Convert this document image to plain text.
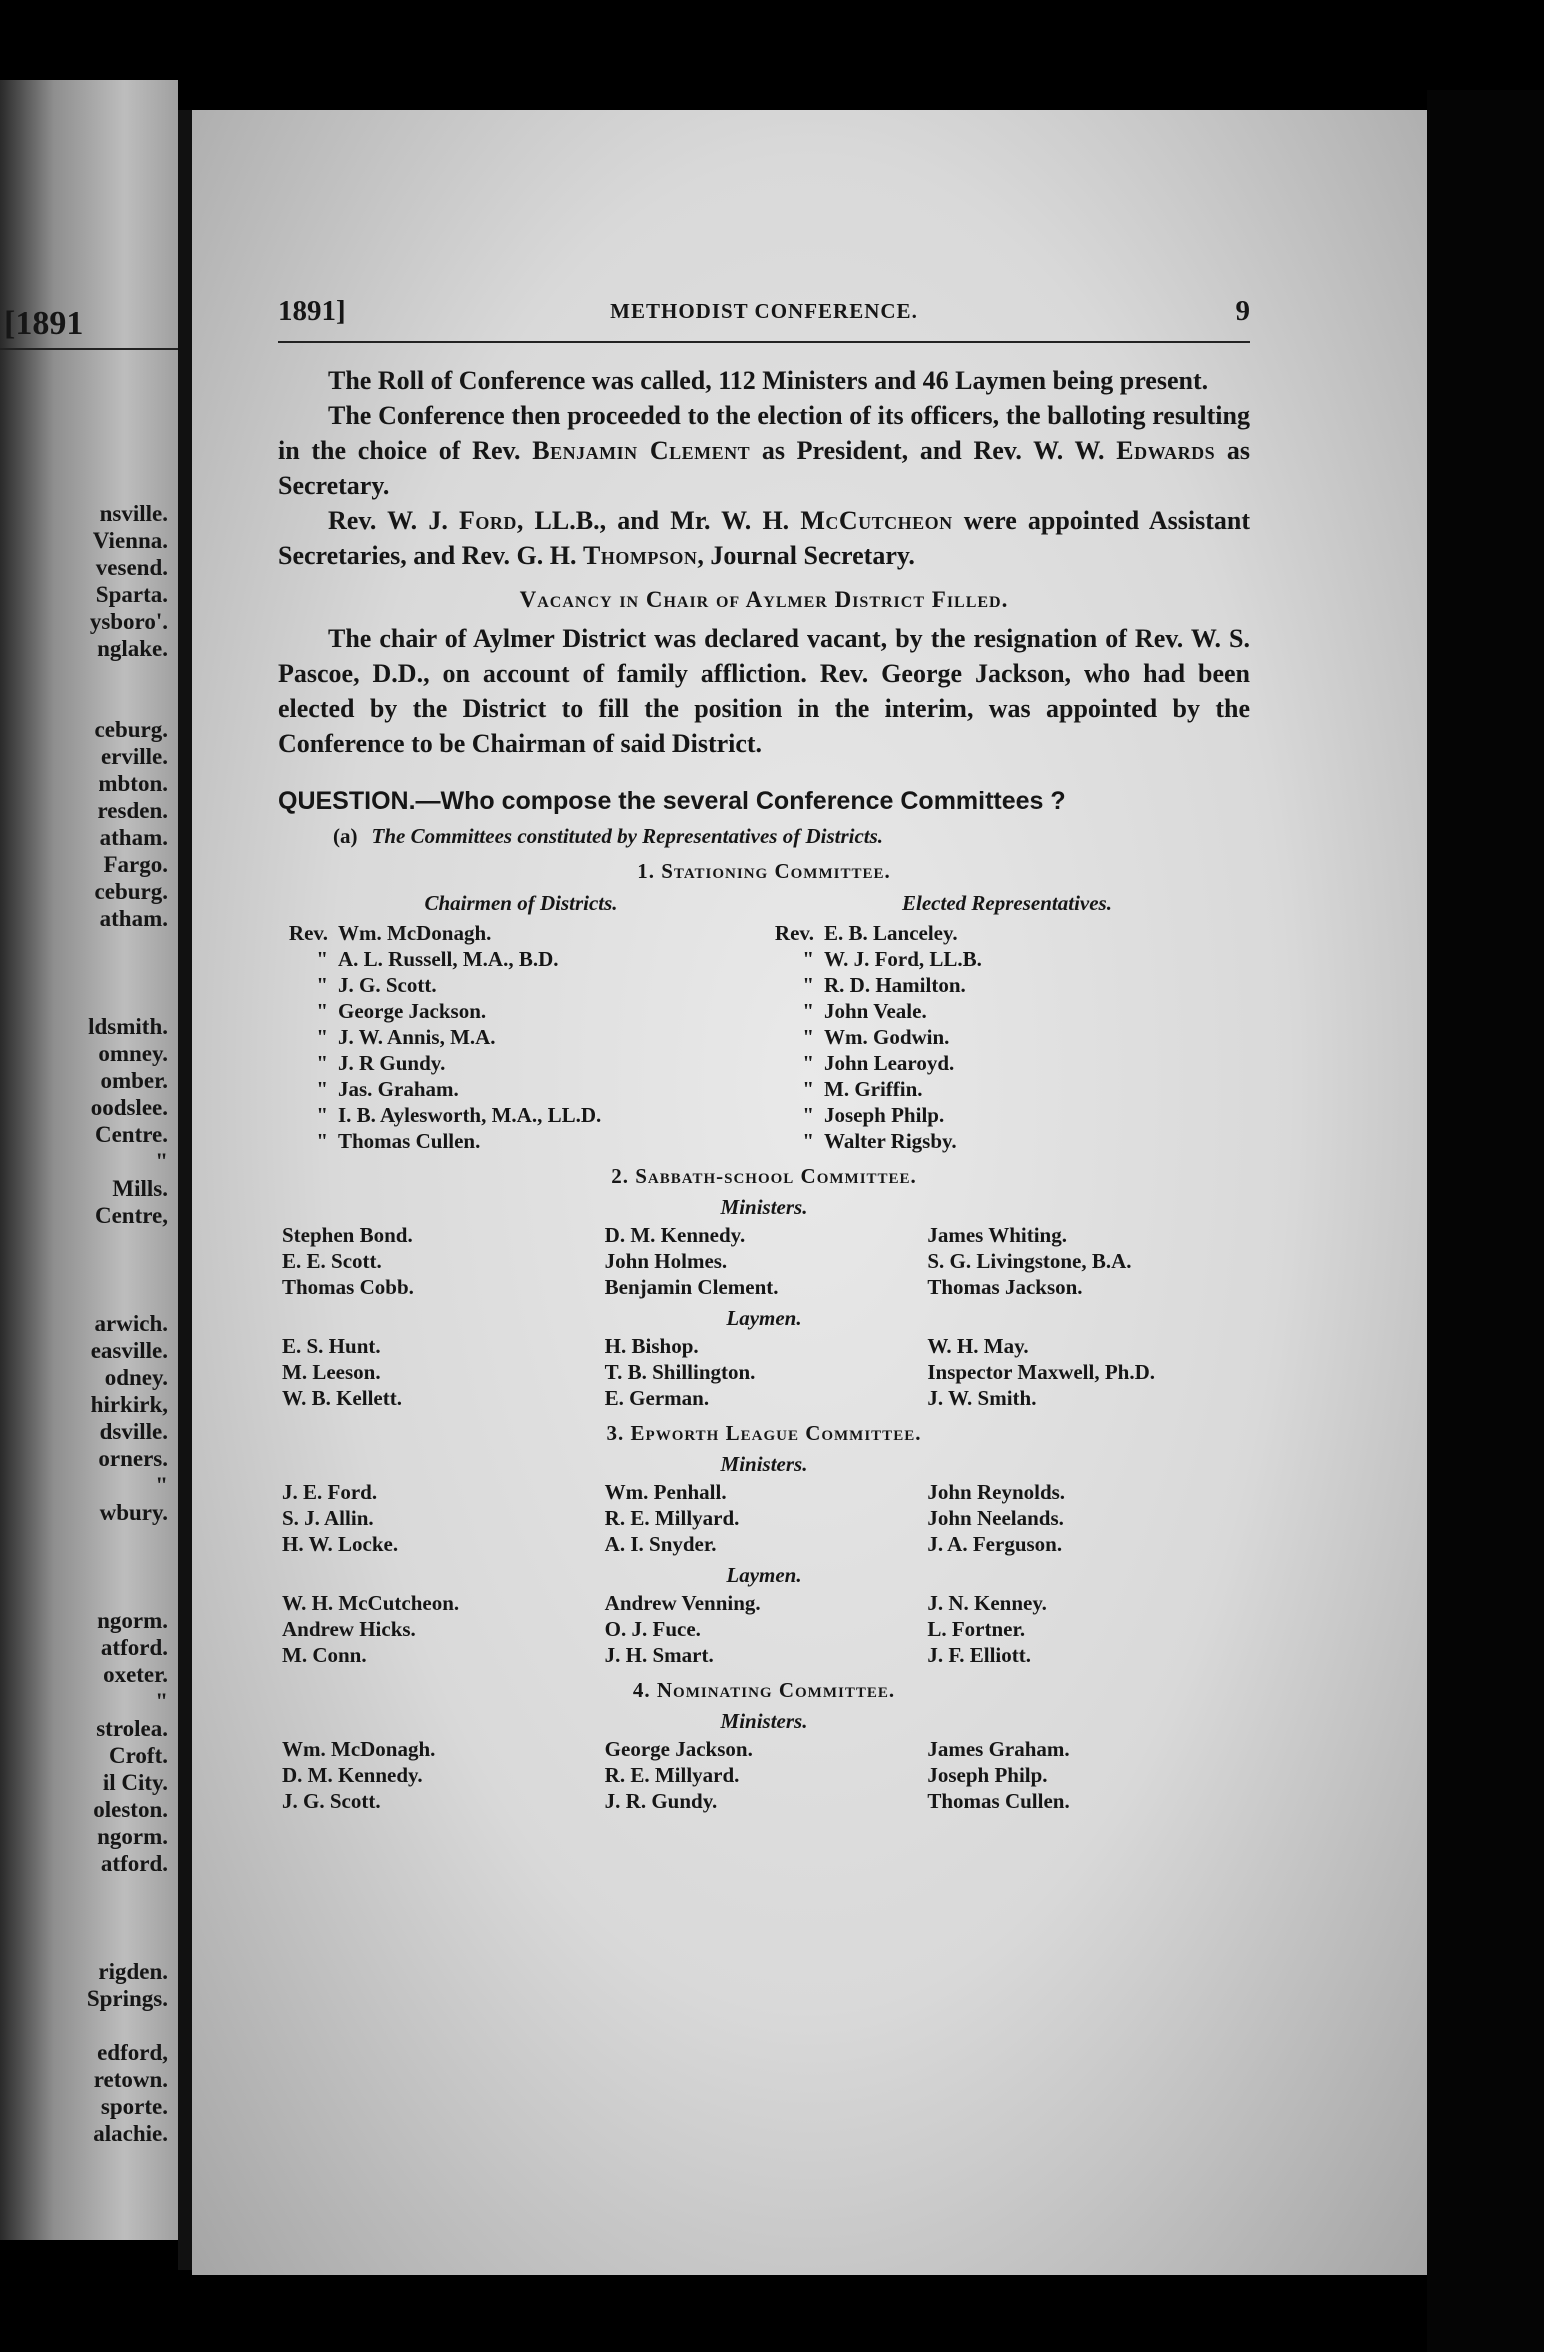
[1891
nsville.
Vienna.
vesend.
Sparta.
ysboro'.
nglake.

ceburg.
erville.
mbton.
resden.
atham.
Fargo.
ceburg.
atham.

ldsmith.
omney.
omber.
oodslee.
Centre.
"
Mills.
Centre,

arwich.
easville.
odney.
hirkirk,
dsville.
orners.
"
wbury.

ngorm.
atford.
oxeter.
"
strolea.
Croft.
il City.
oleston.
ngorm.
atford.

rigden.
Springs.

edford,
retown.
sporte.
alachie.
1891]	METHODIST CONFERENCE.	9

The Roll of Conference was called, 112 Ministers and 46 Laymen being present.

The Conference then proceeded to the election of its officers, the balloting resulting in the choice of Rev. Benjamin Clement as President, and Rev. W. W. Edwards as Secretary.

Rev. W. J. Ford, LL.B., and Mr. W. H. McCutcheon were appointed Assistant Secretaries, and Rev. G. H. Thompson, Journal Secretary.

Vacancy in Chair of Aylmer District Filled.

The chair of Aylmer District was declared vacant, by the resignation of Rev. W. S. Pascoe, D.D., on account of family affliction. Rev. George Jackson, who had been elected by the District to fill the position in the interim, was appointed by the Conference to be Chairman of said District.

QUESTION.—Who compose the several Conference Committees ?
(a) The Committees constituted by Representatives of Districts.
1. Stationing Committee.
Chairmen of Districts.
Rev. Wm. McDonagh.
" A. L. Russell, M.A., B.D.
" J. G. Scott.
" George Jackson.
" J. W. Annis, M.A.
" J. R Gundy.
" Jas. Graham.
" I. B. Aylesworth, M.A., LL.D.
" Thomas Cullen.
Elected Representatives.
Rev. E. B. Lanceley.
" W. J. Ford, LL.B.
" R. D. Hamilton.
" John Veale.
" Wm. Godwin.
" John Learoyd.
" M. Griffin.
" Joseph Philp.
" Walter Rigsby.
2. Sabbath-school Committee.
Ministers.
Stephen Bond.
E. E. Scott.
Thomas Cobb.
D. M. Kennedy.
John Holmes.
Benjamin Clement.
James Whiting.
S. G. Livingstone, B.A.
Thomas Jackson.
Laymen.
E. S. Hunt.
M. Leeson.
W. B. Kellett.
H. Bishop.
T. B. Shillington.
E. German.
W. H. May.
Inspector Maxwell, Ph.D.
J. W. Smith.
3. Epworth League Committee.
Ministers.
J. E. Ford.
S. J. Allin.
H. W. Locke.
Wm. Penhall.
R. E. Millyard.
A. I. Snyder.
John Reynolds.
John Neelands.
J. A. Ferguson.
Laymen.
W. H. McCutcheon.
Andrew Hicks.
M. Conn.
Andrew Venning.
O. J. Fuce.
J. H. Smart.
J. N. Kenney.
L. Fortner.
J. F. Elliott.
4. Nominating Committee.
Ministers.
Wm. McDonagh.
D. M. Kennedy.
J. G. Scott.
George Jackson.
R. E. Millyard.
J. R. Gundy.
James Graham.
Joseph Philp.
Thomas Cullen.
